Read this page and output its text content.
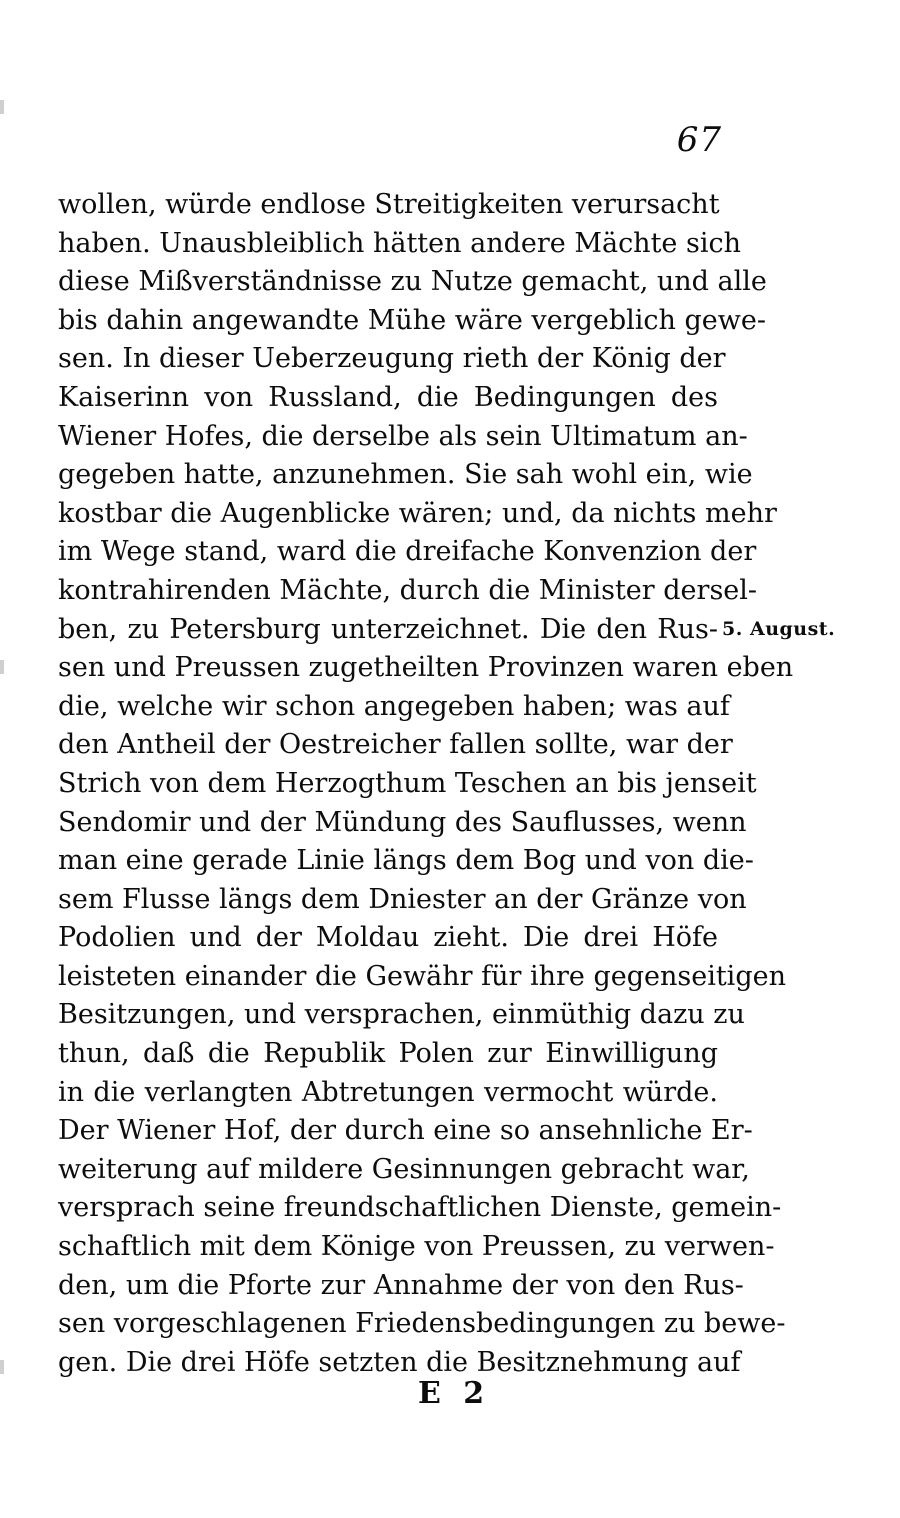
67
wollen, würde endlose Streitigkeiten verursacht
haben. Unausbleiblich hätten andere Mächte sich
diese Mißverständnisse zu Nutze gemacht, und alle
bis dahin angewandte Mühe wäre vergeblich gewe-
sen. In dieser Ueberzeugung rieth der König der
Kaiserinn von Russland, die Bedingungen des
Wiener Hofes, die derselbe als sein Ultimatum an-
gegeben hatte, anzunehmen. Sie sah wohl ein, wie
kostbar die Augenblicke wären; und, da nichts mehr
im Wege stand, ward die dreifache Konvenzion der
kontrahirenden Mächte, durch die Minister dersel-
ben, zu Petersburg unterzeichnet. Die den Rus-
sen und Preussen zugetheilten Provinzen waren eben
die, welche wir schon angegeben haben; was auf
den Antheil der Oestreicher fallen sollte, war der
Strich von dem Herzogthum Teschen an bis jenseit
Sendomir und der Mündung des Sauflusses, wenn
man eine gerade Linie längs dem Bog und von die-
sem Flusse längs dem Dniester an der Gränze von
Podolien und der Moldau zieht. Die drei Höfe
leisteten einander die Gewähr für ihre gegenseitigen
Besitzungen, und versprachen, einmüthig dazu zu
thun, daß die Republik Polen zur Einwilligung
in die verlangten Abtretungen vermocht würde.
Der Wiener Hof, der durch eine so ansehnliche Er-
weiterung auf mildere Gesinnungen gebracht war,
versprach seine freundschaftlichen Dienste, gemein-
schaftlich mit dem Könige von Preussen, zu verwen-
den, um die Pforte zur Annahme der von den Rus-
sen vorgeschlagenen Friedensbedingungen zu bewe-
gen. Die drei Höfe setzten die Besitznehmung auf
5. August.
E 2
